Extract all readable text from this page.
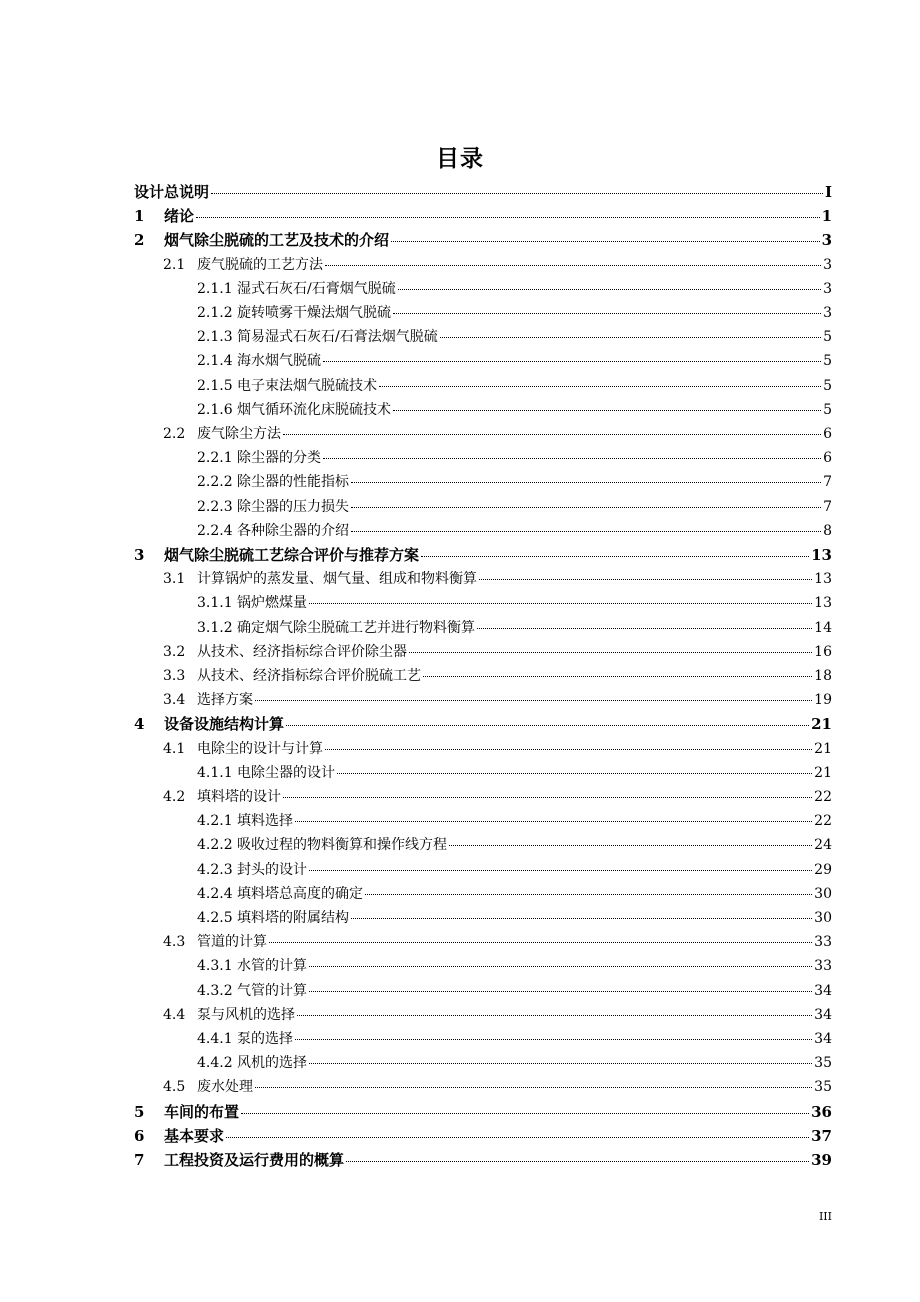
目录
设计总说明	I
1	绪论	1
2	烟气除尘脱硫的工艺及技术的介绍	3
2.1 废气脱硫的工艺方法	3
2.1.1 湿式石灰石/石膏烟气脱硫	3
2.1.2 旋转喷雾干燥法烟气脱硫	3
2.1.3 简易湿式石灰石/石膏法烟气脱硫	5
2.1.4 海水烟气脱硫	5
2.1.5 电子束法烟气脱硫技术	5
2.1.6 烟气循环流化床脱硫技术	5
2.2 废气除尘方法	6
2.2.1 除尘器的分类	6
2.2.2 除尘器的性能指标	7
2.2.3 除尘器的压力损失	7
2.2.4 各种除尘器的介绍	8
3	烟气除尘脱硫工艺综合评价与推荐方案	13
3.1 计算锅炉的蒸发量、烟气量、组成和物料衡算	13
3.1.1 锅炉燃煤量	13
3.1.2 确定烟气除尘脱硫工艺并进行物料衡算	14
3.2 从技术、经济指标综合评价除尘器	16
3.3 从技术、经济指标综合评价脱硫工艺	18
3.4 选择方案	19
4	设备设施结构计算	21
4.1 电除尘的设计与计算	21
4.1.1 电除尘器的设计	21
4.2 填料塔的设计	22
4.2.1 填料选择	22
4.2.2 吸收过程的物料衡算和操作线方程	24
4.2.3 封头的设计	29
4.2.4 填料塔总高度的确定	30
4.2.5 填料塔的附属结构	30
4.3 管道的计算	33
4.3.1 水管的计算	33
4.3.2 气管的计算	34
4.4 泵与风机的选择	34
4.4.1 泵的选择	34
4.4.2 风机的选择	35
4.5 废水处理	35
5	车间的布置	36
6	基本要求	37
7	工程投资及运行费用的概算	39
III
